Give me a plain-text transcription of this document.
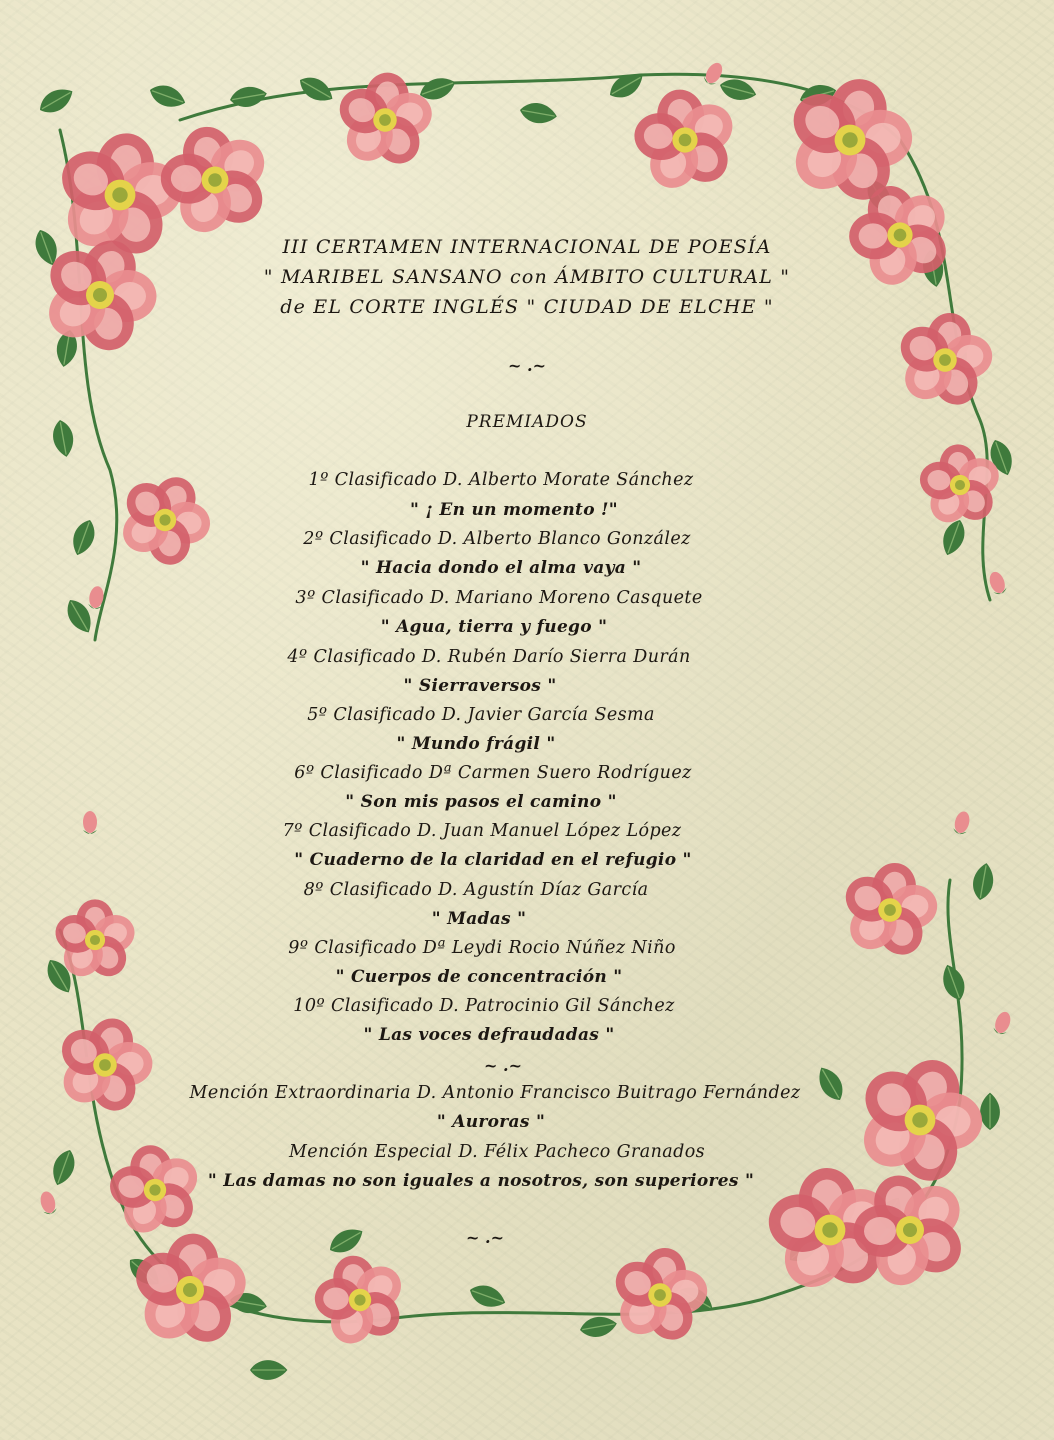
III CERTAMEN INTERNACIONAL DE POESÍA
" MARIBEL SANSANO con ÁMBITO CULTURAL "
de EL CORTE INGLÉS " CIUDAD DE ELCHE "
~ .~
PREMIADOS
1º Clasificado D. Alberto Morate Sánchez
" ¡ En un momento !"
2º Clasificado D. Alberto Blanco González
" Hacia dondo el alma vaya "
3º Clasificado D. Mariano Moreno Casquete
" Agua, tierra y fuego "
4º Clasificado D. Rubén Darío Sierra Durán
" Sierraversos "
5º Clasificado D. Javier García Sesma
" Mundo frágil "
6º Clasificado Dª Carmen Suero Rodríguez
" Son mis pasos el camino "
7º Clasificado D. Juan Manuel López López
" Cuaderno de la claridad en el refugio "
8º Clasificado D. Agustín Díaz García
" Madas "
9º Clasificado Dª Leydi Rocio Núñez Niño
" Cuerpos de concentración "
10º Clasificado D. Patrocinio Gil Sánchez
" Las voces defraudadas "
~ .~
Mención Extraordinaria D. Antonio Francisco Buitrago Fernández
" Auroras "
Mención Especial D. Félix Pacheco Granados
" Las damas no son iguales a nosotros, son superiores "
~ .~
